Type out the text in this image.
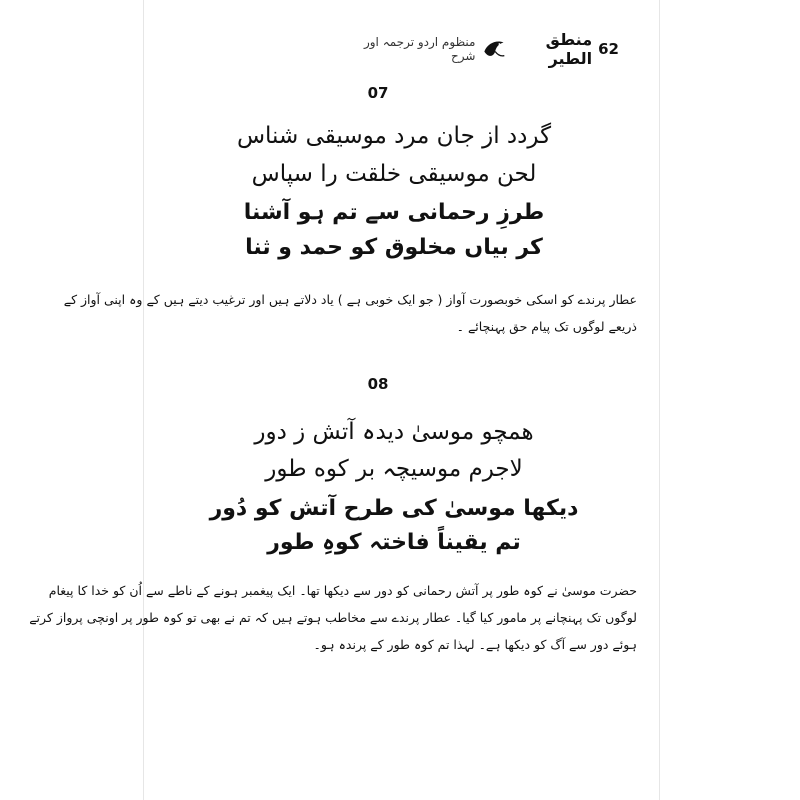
62
منطق الطیر
منظوم اردو ترجمہ اور شرح
07
گردد از جان مرد موسیقی شناس
لحن موسیقی خلقت را سپاس
طرزِ رحمانی سے تم ہو آشنا
کر بیاں مخلوق کو حمد و ثنا
عطار پرندے کو اسکی خوبصورت آواز ( جو ایک خوبی ہے ) یاد دلاتے ہیں اور ترغیب دیتے ہیں کے وہ اپنی آواز کے
ذریعے لوگوں تک پیام حق پہنچائے ۔
08
همچو موسیٰ دیدہ آتش ز دور
لاجرم موسیچہ بر کوه طور
دیکھا موسیٰ کی طرح آتش کو دُور
تم یقیناً فاختہ کوہِ طور
حضرت موسیٰ نے کوہ طور پر آتش رحمانی کو دور سے دیکھا تھا۔ ایک پیغمبر ہونے کے ناطے سے اُن کو خدا کا پیغام
لوگوں تک پہنچانے پر مامور کیا گیا۔ عطار پرندے سے مخاطب ہوتے ہیں کہ تم نے بھی تو کوہ طور پر اونچی پرواز کرتے
ہوئے دور سے آگ کو دیکھا ہے۔ لہذا تم کوہ طور کے پرندہ ہو۔
